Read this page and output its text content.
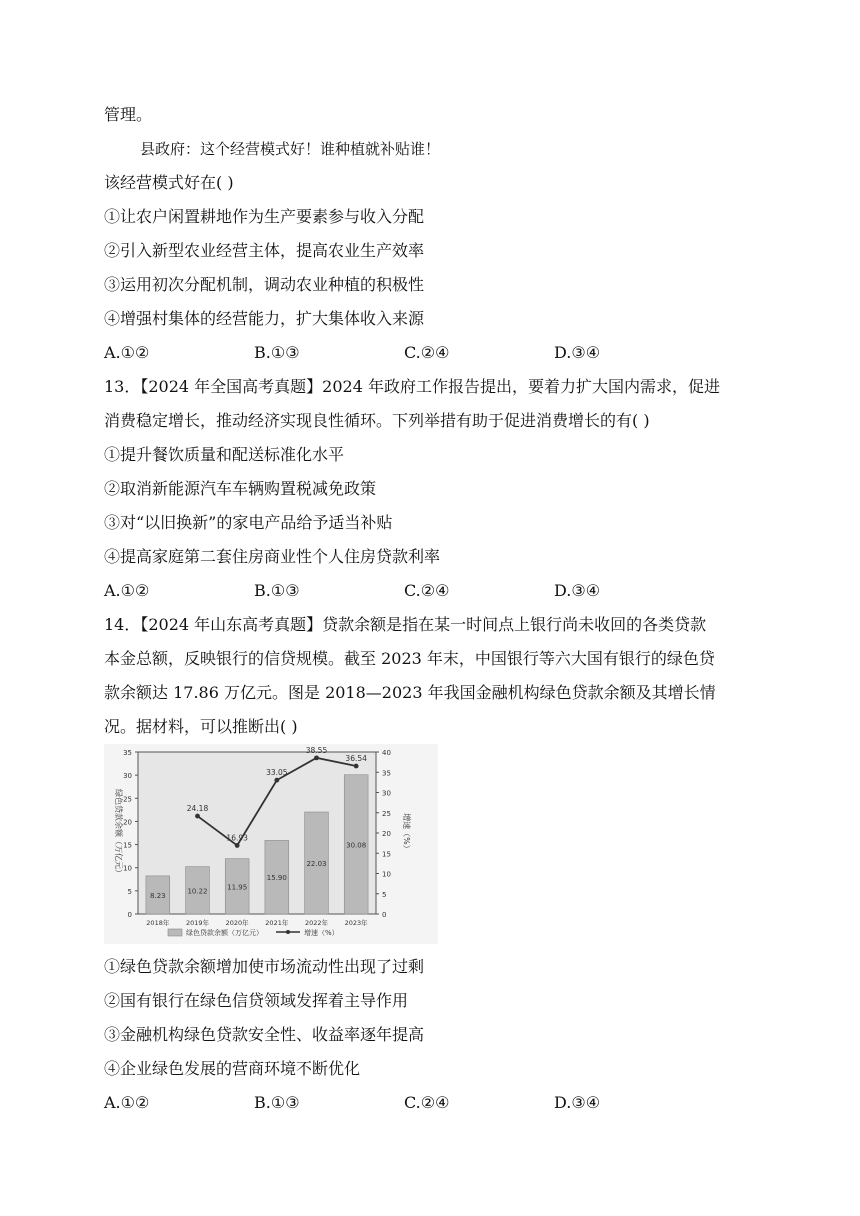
管理。
县政府：这个经营模式好！谁种植就补贴谁！
该经营模式好在( )
①让农户闲置耕地作为生产要素参与收入分配
②引入新型农业经营主体，提高农业生产效率
③运用初次分配机制，调动农业种植的积极性
④增强村集体的经营能力，扩大集体收入来源
A.①②	B.①③	C.②④	D.③④
13．【2024 年全国高考真题】2024 年政府工作报告提出，要着力扩大国内需求，促进
消费稳定增长，推动经济实现良性循环。下列举措有助于促进消费增长的有( )
①提升餐饮质量和配送标准化水平
②取消新能源汽车车辆购置税减免政策
③对“以旧换新”的家电产品给予适当补贴
④提高家庭第二套住房商业性个人住房贷款利率
A.①②	B.①③	C.②④	D.③④
14．【2024 年山东高考真题】贷款余额是指在某一时间点上银行尚未收回的各类贷款
本金总额，反映银行的信贷规模。截至 2023 年末，中国银行等六大国有银行的绿色贷
款余额达 17.86 万亿元。图是 2018—2023 年我国金融机构绿色贷款余额及其增长情
况。据材料，可以推断出( )
0
5
10
15
20
25
30
35
0
5
10
15
20
25
30
35
40
8.23
10.22
11.95
15.90
22.03
30.08
24.18
16.93
33.05
38.55
36.54
2018年	2019年	2020年	2021年	2022年	2023年
绿色贷款余额（万亿元）	增速（%）
绿色贷款余额（万亿元）	增速（%）
①绿色贷款余额增加使市场流动性出现了过剩
②国有银行在绿色信贷领域发挥着主导作用
③金融机构绿色贷款安全性、收益率逐年提高
④企业绿色发展的营商环境不断优化
A.①②	B.①③	C.②④	D.③④
